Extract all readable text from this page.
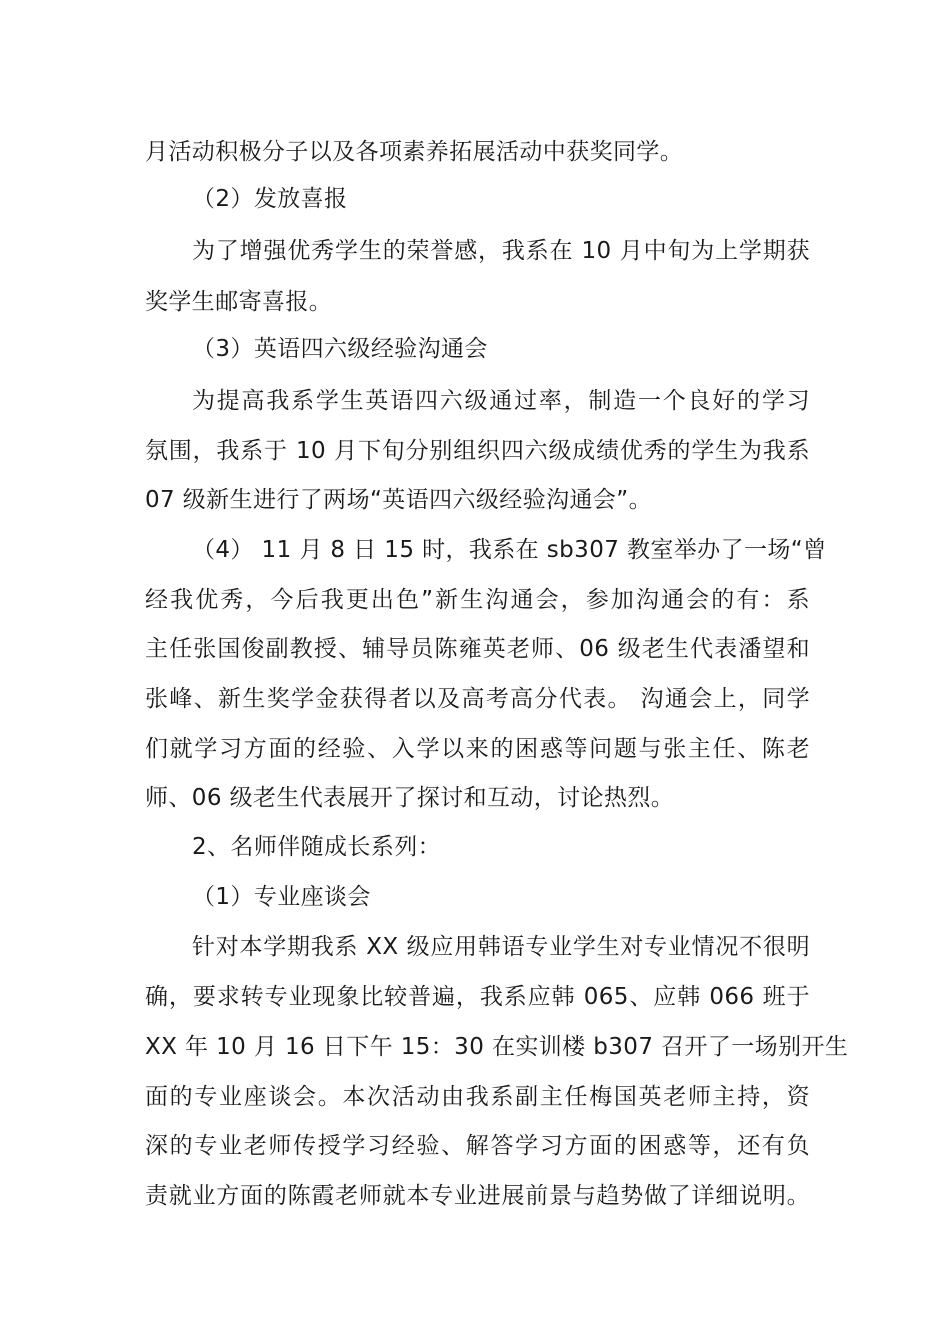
月活动积极分子以及各项素养拓展活动中获奖同学。
（2）发放喜报
为了增强优秀学生的荣誉感，我系在 10 月中旬为上学期获
奖学生邮寄喜报。
（3）英语四六级经验沟通会
为提高我系学生英语四六级通过率，制造一个良好的学习
氛围，我系于 10 月下旬分别组织四六级成绩优秀的学生为我系
07 级新生进行了两场“英语四六级经验沟通会”。
（4） 11 月 8 日 15 时，我系在 sb307 教室举办了一场“曾
经我优秀，今后我更出色”新生沟通会，参加沟通会的有：系
主任张国俊副教授、辅导员陈雍英老师、06 级老生代表潘望和
张峰、新生奖学金获得者以及高考高分代表。 沟通会上，同学
们就学习方面的经验、入学以来的困惑等问题与张主任、陈老
师、06 级老生代表展开了探讨和互动，讨论热烈。
2、名师伴随成长系列：
（1）专业座谈会
针对本学期我系 XX 级应用韩语专业学生对专业情况不很明
确，要求转专业现象比较普遍，我系应韩 065、应韩 066 班于
XX 年 10 月 16 日下午 15：30 在实训楼 b307 召开了一场别开生
面的专业座谈会。本次活动由我系副主任梅国英老师主持，资
深的专业老师传授学习经验、解答学习方面的困惑等，还有负
责就业方面的陈霞老师就本专业进展前景与趋势做了详细说明。
